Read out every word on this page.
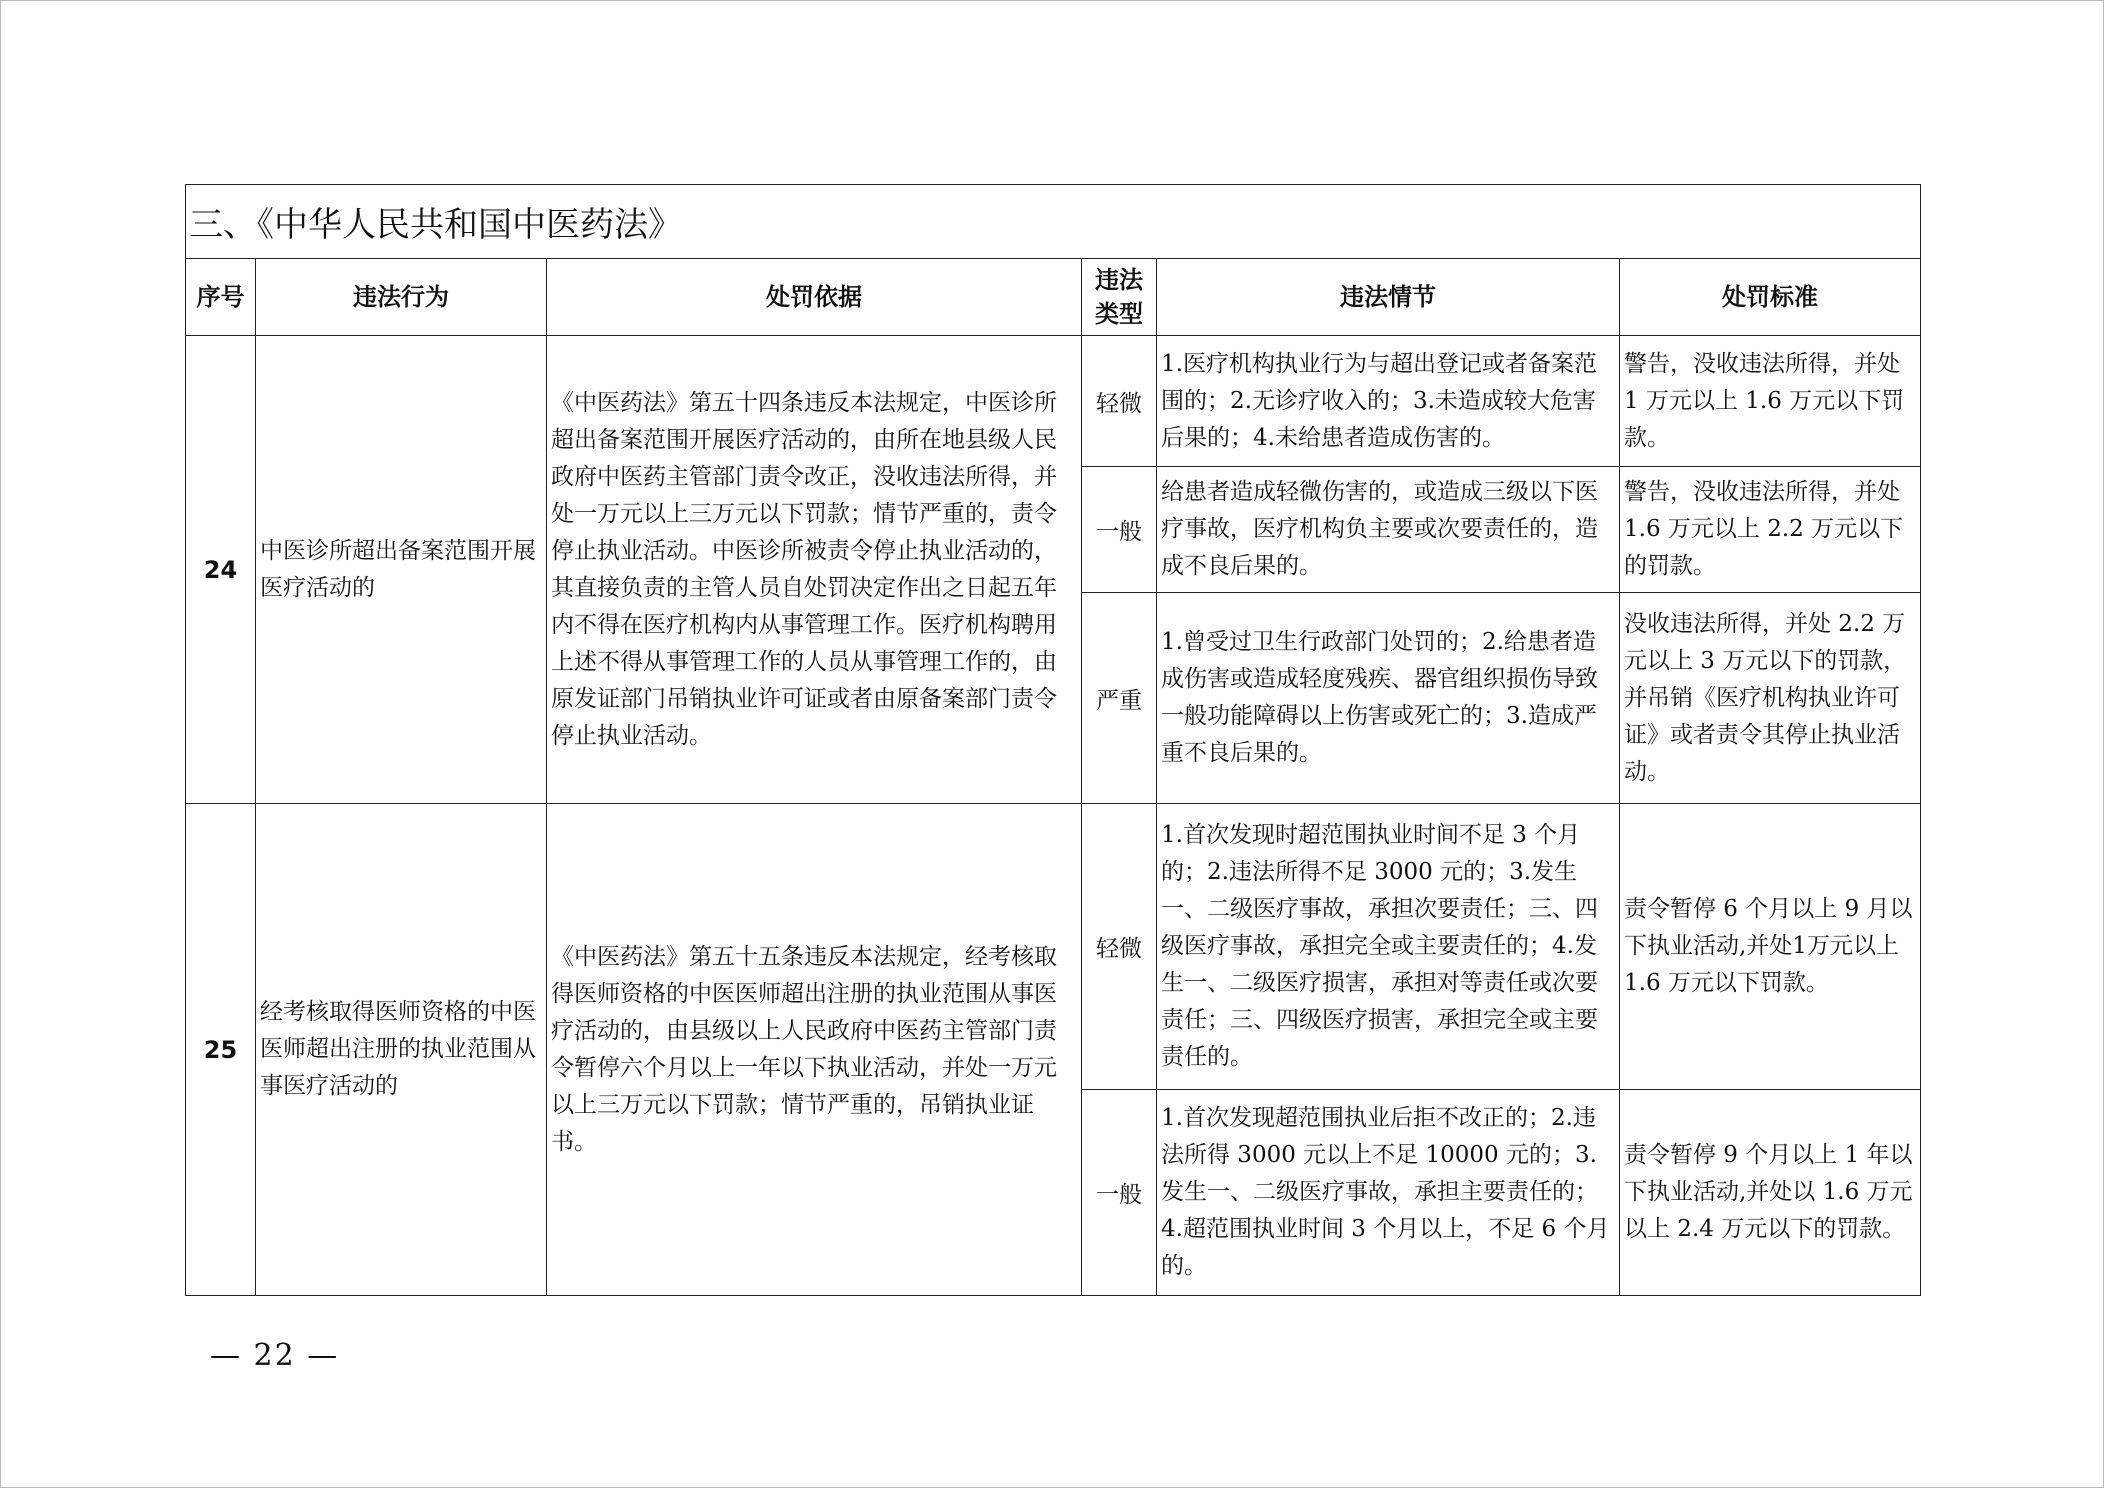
三、《中华人民共和国中医药法》					
序号	违法行为	处罚依据	违法类型	违法情节	处罚标准
24	中医诊所超出备案范围开展医疗活动的	《中医药法》第五十四条违反本法规定，中医诊所超出备案范围开展医疗活动的，由所在地县级人民政府中医药主管部门责令改正，没收违法所得，并处一万元以上三万元以下罚款；情节严重的，责令停止执业活动。中医诊所被责令停止执业活动的，其直接负责的主管人员自处罚决定作出之日起五年内不得在医疗机构内从事管理工作。医疗机构聘用上述不得从事管理工作的人员从事管理工作的，由原发证部门吊销执业许可证或者由原备案部门责令停止执业活动。	轻微	1.医疗机构执业行为与超出登记或者备案范围的；2.无诊疗收入的；3.未造成较大危害后果的；4.未给患者造成伤害的。	警告，没收违法所得，并处 1 万元以上 1.6 万元以下罚款。
			一般	给患者造成轻微伤害的，或造成三级以下医疗事故，医疗机构负主要或次要责任的，造成不良后果的。	警告，没收违法所得，并处 1.6 万元以上 2.2 万元以下的罚款。
			严重	1.曾受过卫生行政部门处罚的；2.给患者造成伤害或造成轻度残疾、器官组织损伤导致一般功能障碍以上伤害或死亡的；3.造成严重不良后果的。	没收违法所得，并处 2.2 万元以上 3 万元以下的罚款，并吊销《医疗机构执业许可证》或者责令其停止执业活动。
25	经考核取得医师资格的中医医师超出注册的执业范围从事医疗活动的	《中医药法》第五十五条违反本法规定，经考核取得医师资格的中医医师超出注册的执业范围从事医疗活动的，由县级以上人民政府中医药主管部门责令暂停六个月以上一年以下执业活动，并处一万元以上三万元以下罚款；情节严重的，吊销执业证书。	轻微	1.首次发现时超范围执业时间不足 3 个月的；2.违法所得不足 3000 元的；3.发生一、二级医疗事故，承担次要责任；三、四级医疗事故，承担完全或主要责任的；4.发生一、二级医疗损害，承担对等责任或次要责任；三、四级医疗损害，承担完全或主要责任的。	责令暂停 6 个月以上 9 月以下执业活动,并处1万元以上 1.6 万元以下罚款。
			一般	1.首次发现超范围执业后拒不改正的；2.违法所得 3000 元以上不足 10000 元的；3.发生一、二级医疗事故，承担主要责任的；4.超范围执业时间 3 个月以上，不足 6 个月的。	责令暂停 9 个月以上 1 年以下执业活动,并处以 1.6 万元以上 2.4 万元以下的罚款。
— 22 —
